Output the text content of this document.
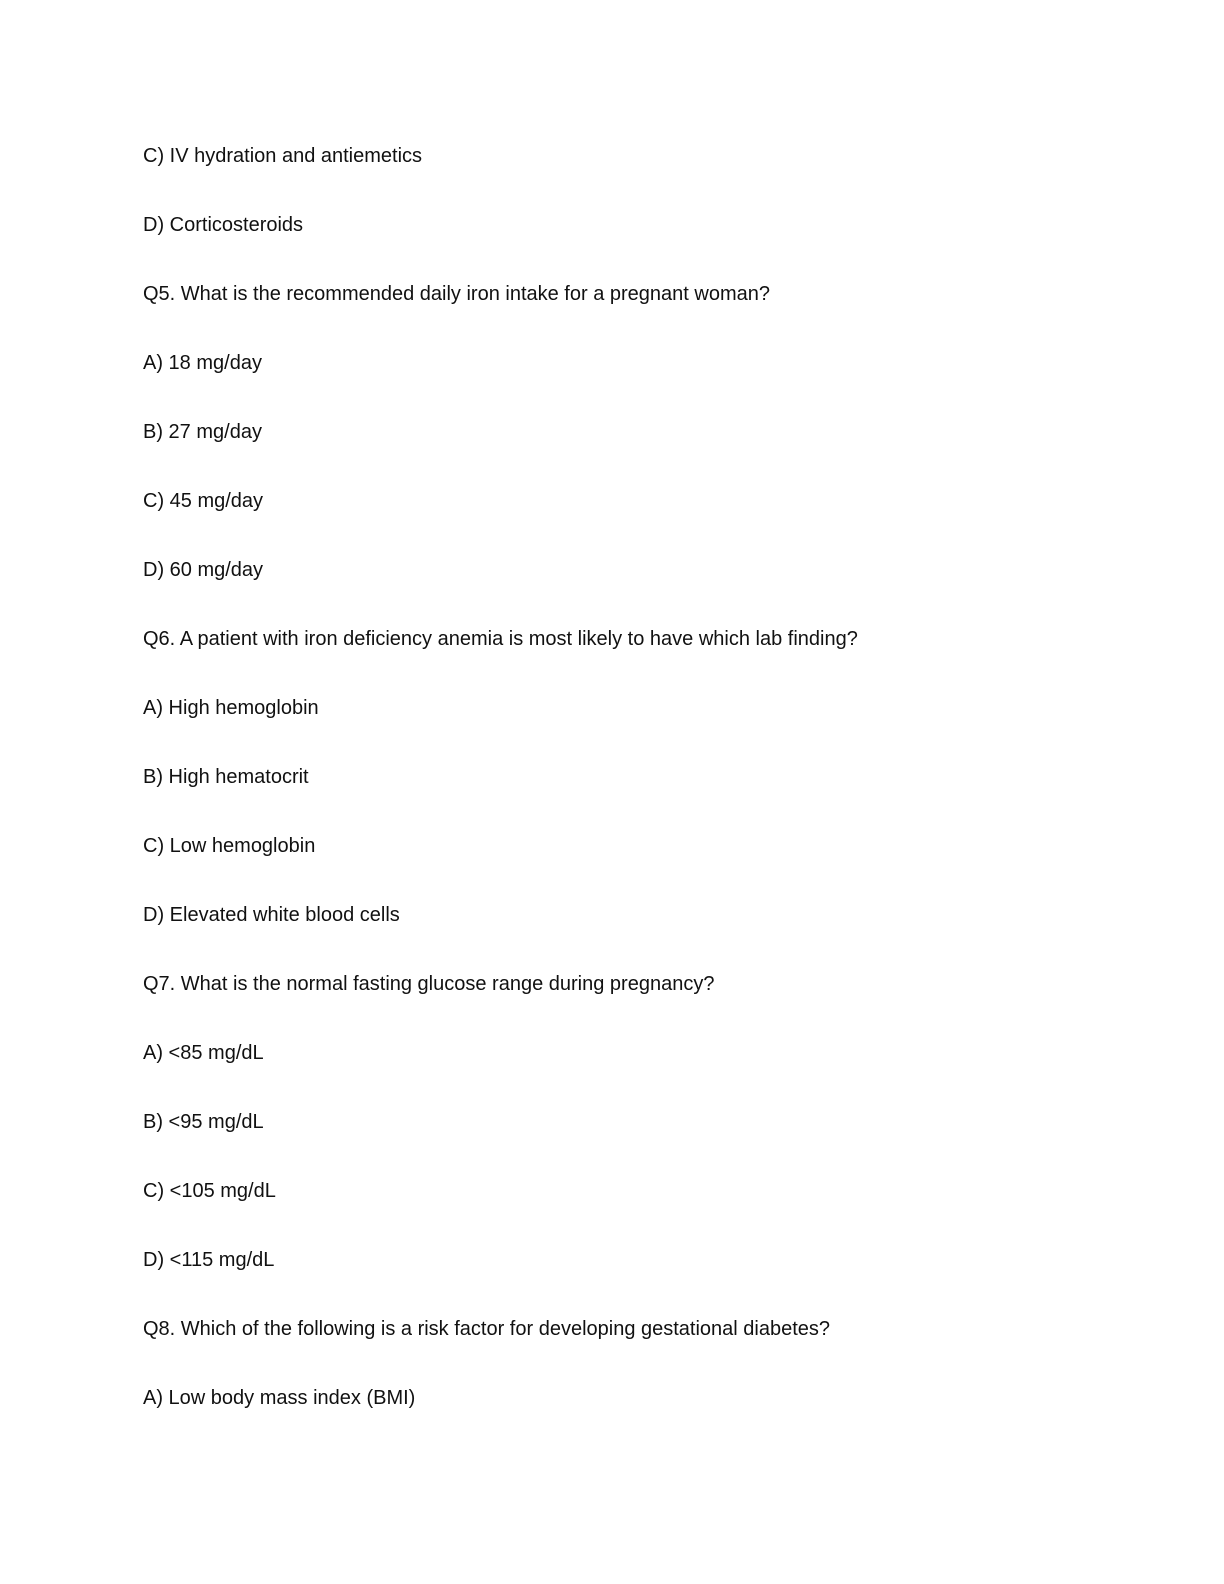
C) IV hydration and antiemetics

D) Corticosteroids

Q5. What is the recommended daily iron intake for a pregnant woman?

A) 18 mg/day

B) 27 mg/day

C) 45 mg/day

D) 60 mg/day

Q6. A patient with iron deficiency anemia is most likely to have which lab finding?

A) High hemoglobin

B) High hematocrit

C) Low hemoglobin

D) Elevated white blood cells

Q7. What is the normal fasting glucose range during pregnancy?

A) <85 mg/dL

B) <95 mg/dL

C) <105 mg/dL

D) <115 mg/dL

Q8. Which of the following is a risk factor for developing gestational diabetes?

A) Low body mass index (BMI)
